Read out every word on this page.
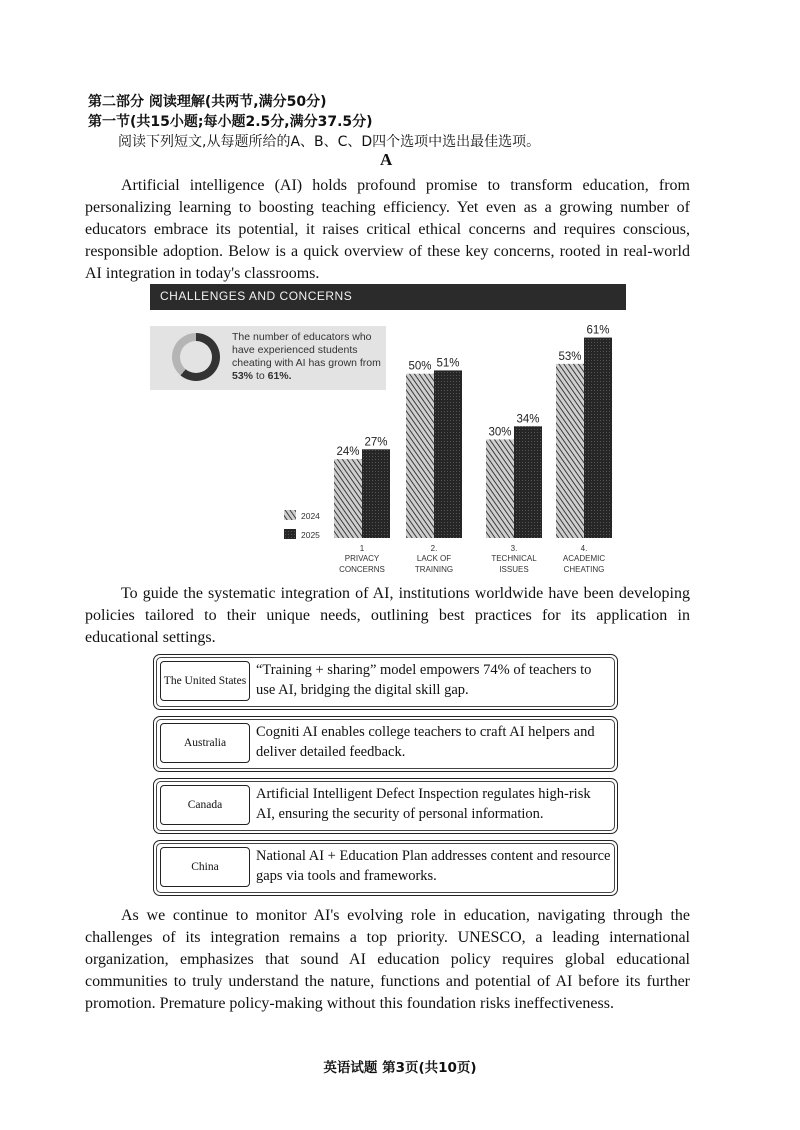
第二部分 阅读理解(共两节,满分50分)
第一节(共15小题;每小题2.5分,满分37.5分)
阅读下列短文,从每题所给的A、B、C、D四个选项中选出最佳选项。
A

Artificial intelligence (AI) holds profound promise to transform education, from personalizing learning to boosting teaching efficiency. Yet even as a growing number of educators embrace its potential, it raises critical ethical concerns and requires conscious, responsible adoption. Below is a quick overview of these key concerns, rooted in real-world AI integration in today's classrooms.

CHALLENGES AND CONCERNS
The number of educators who have experienced students cheating with AI has grown from 53% to 61%.
24%
27%
1
PRIVACY
CONCERNS
50% 51%
2.
LACK OF
TRAINING
30%
34%
3.
TECHNICAL
ISSUES
53%
61%
4.
ACADEMIC
CHEATING
2024
2025

To guide the systematic integration of AI, institutions worldwide have been developing policies tailored to their unique needs, outlining best practices for its application in educational settings.

The United States
“Training + sharing” model empowers 74% of teachers to use AI, bridging the digital skill gap.
Australia
Cogniti AI enables college teachers to craft AI helpers and deliver detailed feedback.
Canada
Artificial Intelligent Defect Inspection regulates high-risk AI, ensuring the security of personal information.
China
National AI + Education Plan addresses content and resource gaps via tools and frameworks.

As we continue to monitor AI's evolving role in education, navigating through the challenges of its integration remains a top priority. UNESCO, a leading international organization, emphasizes that sound AI education policy requires global educational communities to truly understand the nature, functions and potential of AI before its further promotion. Premature policy-making without this foundation risks ineffectiveness.

英语试题 第3页(共10页)
